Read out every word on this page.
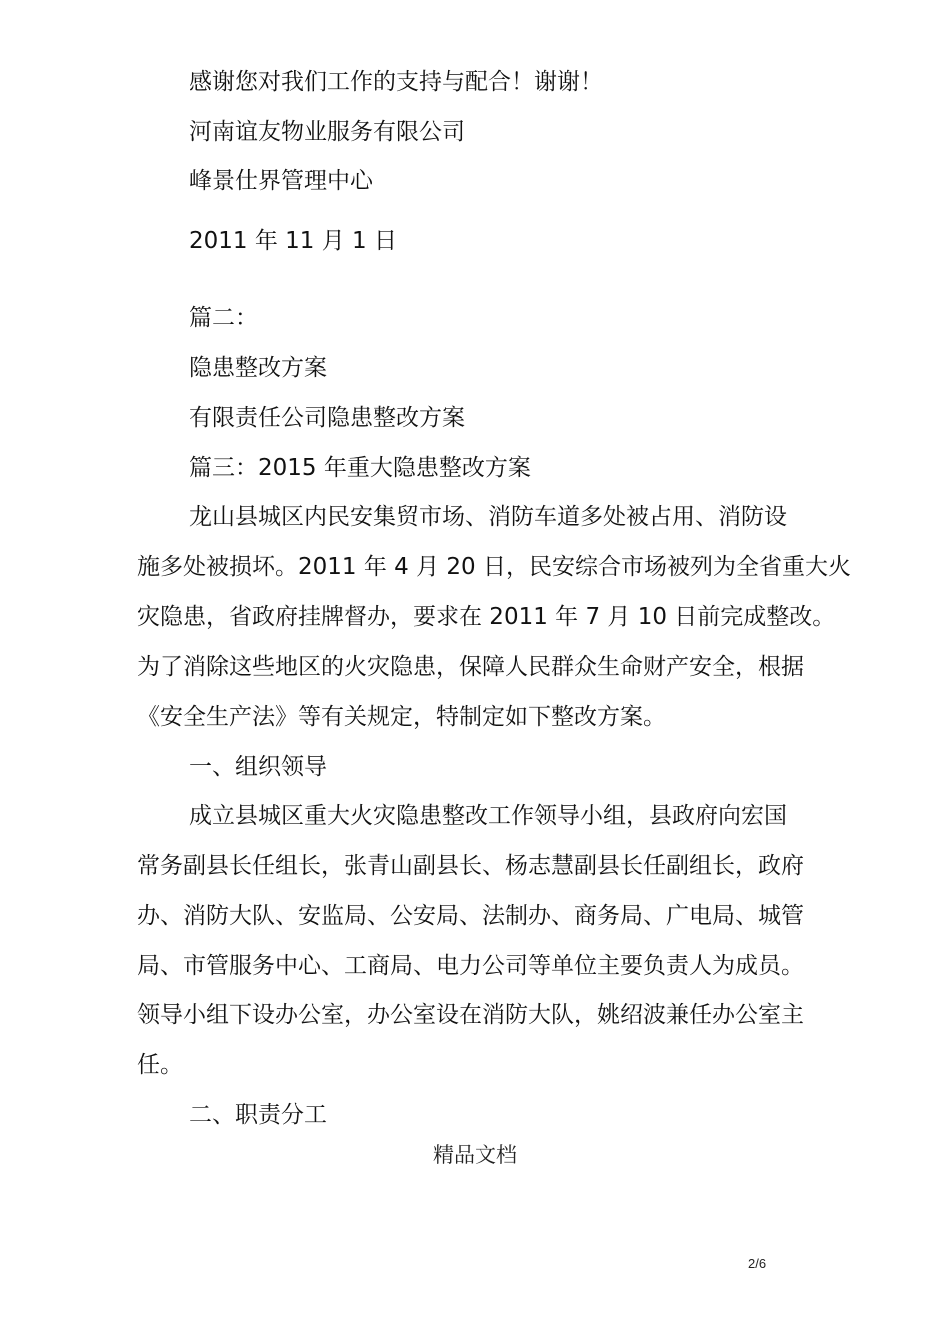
感谢您对我们工作的支持与配合！谢谢！
河南谊友物业服务有限公司
峰景仕界管理中心
2011 年 11 月 1 日
篇二：
隐患整改方案
有限责任公司隐患整改方案
篇三：2015 年重大隐患整改方案
龙山县城区内民安集贸市场、消防车道多处被占用、消防设
施多处被损坏。2011 年 4 月 20 日，民安综合市场被列为全省重大火
灾隐患，省政府挂牌督办，要求在 2011 年 7 月 10 日前完成整改。
为了消除这些地区的火灾隐患，保障人民群众生命财产安全，根据
《安全生产法》等有关规定，特制定如下整改方案。
一、组织领导
成立县城区重大火灾隐患整改工作领导小组，县政府向宏国
常务副县长任组长，张青山副县长、杨志慧副县长任副组长，政府
办、消防大队、安监局、公安局、法制办、商务局、广电局、城管
局、市管服务中心、工商局、电力公司等单位主要负责人为成员。
领导小组下设办公室，办公室设在消防大队，姚绍波兼任办公室主
任。
二、职责分工
精品文档
2/6
